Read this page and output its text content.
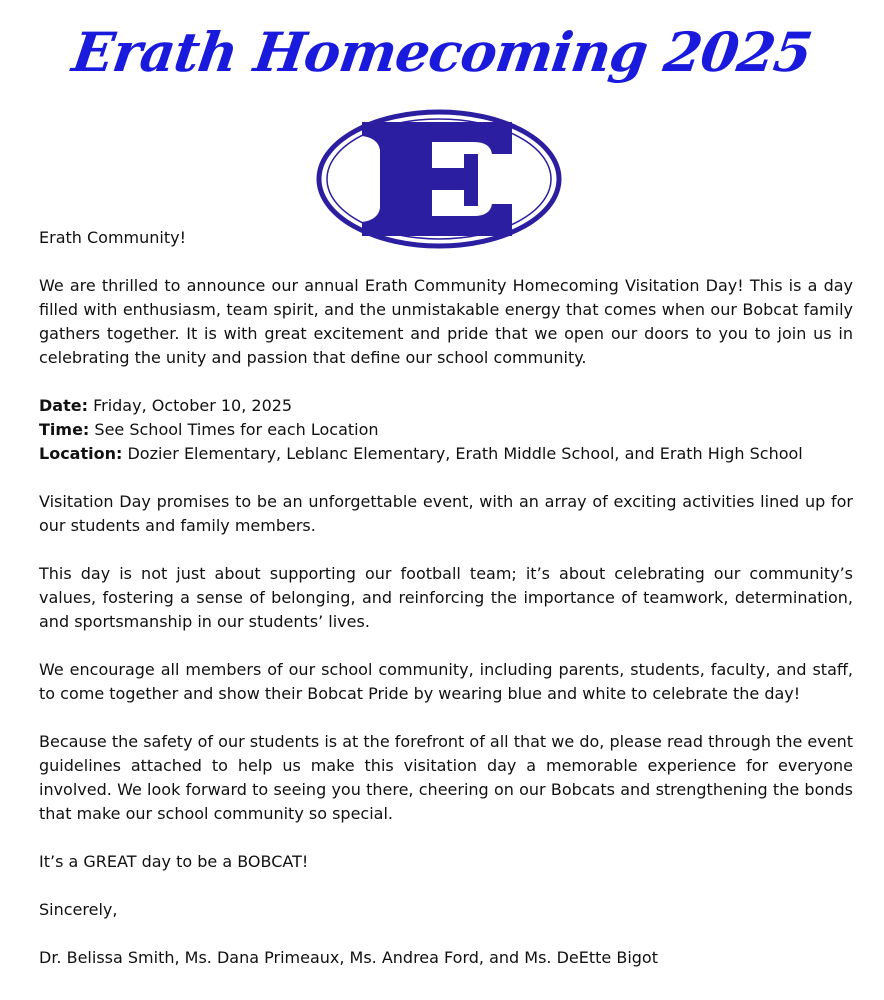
Erath Homecoming 2025

Erath Community!

We are thrilled to announce our annual Erath Community Homecoming Visitation Day! This is a day filled with enthusiasm, team spirit, and the unmistakable energy that comes when our Bobcat family gathers together. It is with great excitement and pride that we open our doors to you to join us in celebrating the unity and passion that define our school community.

Date: Friday, October 10, 2025

Time: See School Times for each Location

Location: Dozier Elementary, Leblanc Elementary, Erath Middle School, and Erath High School

Visitation Day promises to be an unforgettable event, with an array of exciting activities lined up for our students and family members.

This day is not just about supporting our football team; it’s about celebrating our community’s values, fostering a sense of belonging, and reinforcing the importance of teamwork, determination, and sportsmanship in our students’ lives.

We encourage all members of our school community, including parents, students, faculty, and staff, to come together and show their Bobcat Pride by wearing blue and white to celebrate the day!

Because the safety of our students is at the forefront of all that we do, please read through the event guidelines attached to help us make this visitation day a memorable experience for everyone involved. We look forward to seeing you there, cheering on our Bobcats and strengthening the bonds that make our school community so special.

It’s a GREAT day to be a BOBCAT!

Sincerely,

Dr. Belissa Smith, Ms. Dana Primeaux, Ms. Andrea Ford, and Ms. DeEtte Bigot
